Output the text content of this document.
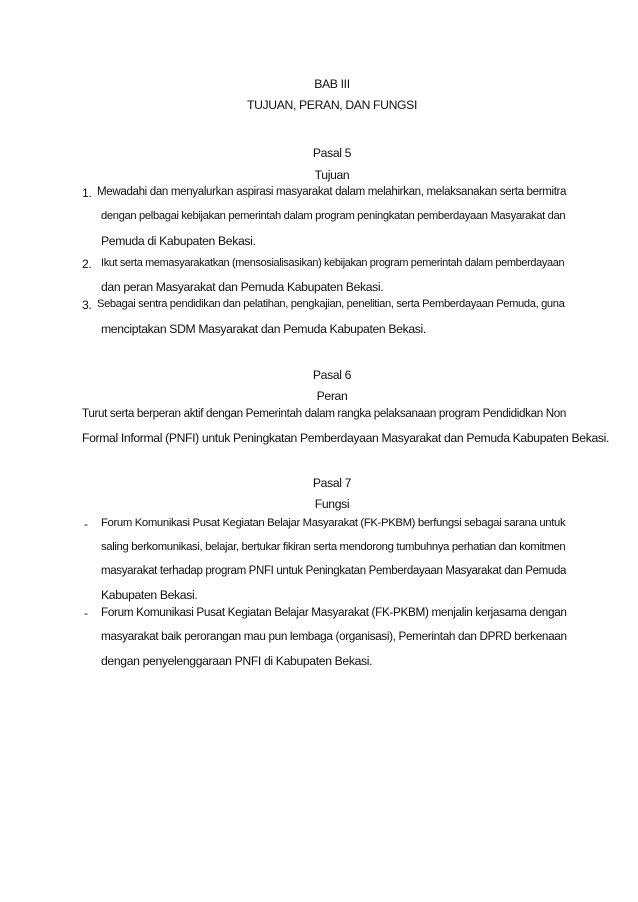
BAB III
TUJUAN, PERAN, DAN FUNGSI
Pasal 5
Tujuan
1. Mewadahi dan menyalurkan aspirasi masyarakat dalam melahirkan, melaksanakan serta bermitra
dengan pelbagai kebijakan pemerintah dalam program peningkatan pemberdayaan Masyarakat dan
Pemuda di Kabupaten Bekasi.
2. Ikut serta memasyarakatkan (mensosialisasikan) kebijakan program pemerintah dalam pemberdayaan
dan peran Masyarakat dan Pemuda Kabupaten Bekasi.
3. Sebagai sentra pendidikan dan pelatihan, pengkajian, penelitian, serta Pemberdayaan Pemuda, guna
menciptakan SDM Masyarakat dan Pemuda Kabupaten Bekasi.
Pasal 6
Peran
Turut serta berperan aktif dengan Pemerintah dalam rangka pelaksanaan program Pendididkan Non
Formal Informal (PNFI) untuk Peningkatan Pemberdayaan Masyarakat dan Pemuda Kabupaten Bekasi.
Pasal 7
Fungsi
- Forum Komunikasi Pusat Kegiatan Belajar Masyarakat (FK-PKBM) berfungsi sebagai sarana untuk
saling berkomunikasi, belajar, bertukar fikiran serta mendorong tumbuhnya perhatian dan komitmen
masyarakat terhadap program PNFI untuk Peningkatan Pemberdayaan Masyarakat dan Pemuda
Kabupaten Bekasi.
- Forum Komunikasi Pusat Kegiatan Belajar Masyarakat (FK-PKBM) menjalin kerjasama dengan
masyarakat baik perorangan mau pun lembaga (organisasi), Pemerintah dan DPRD berkenaan
dengan penyelenggaraan PNFI di Kabupaten Bekasi.
